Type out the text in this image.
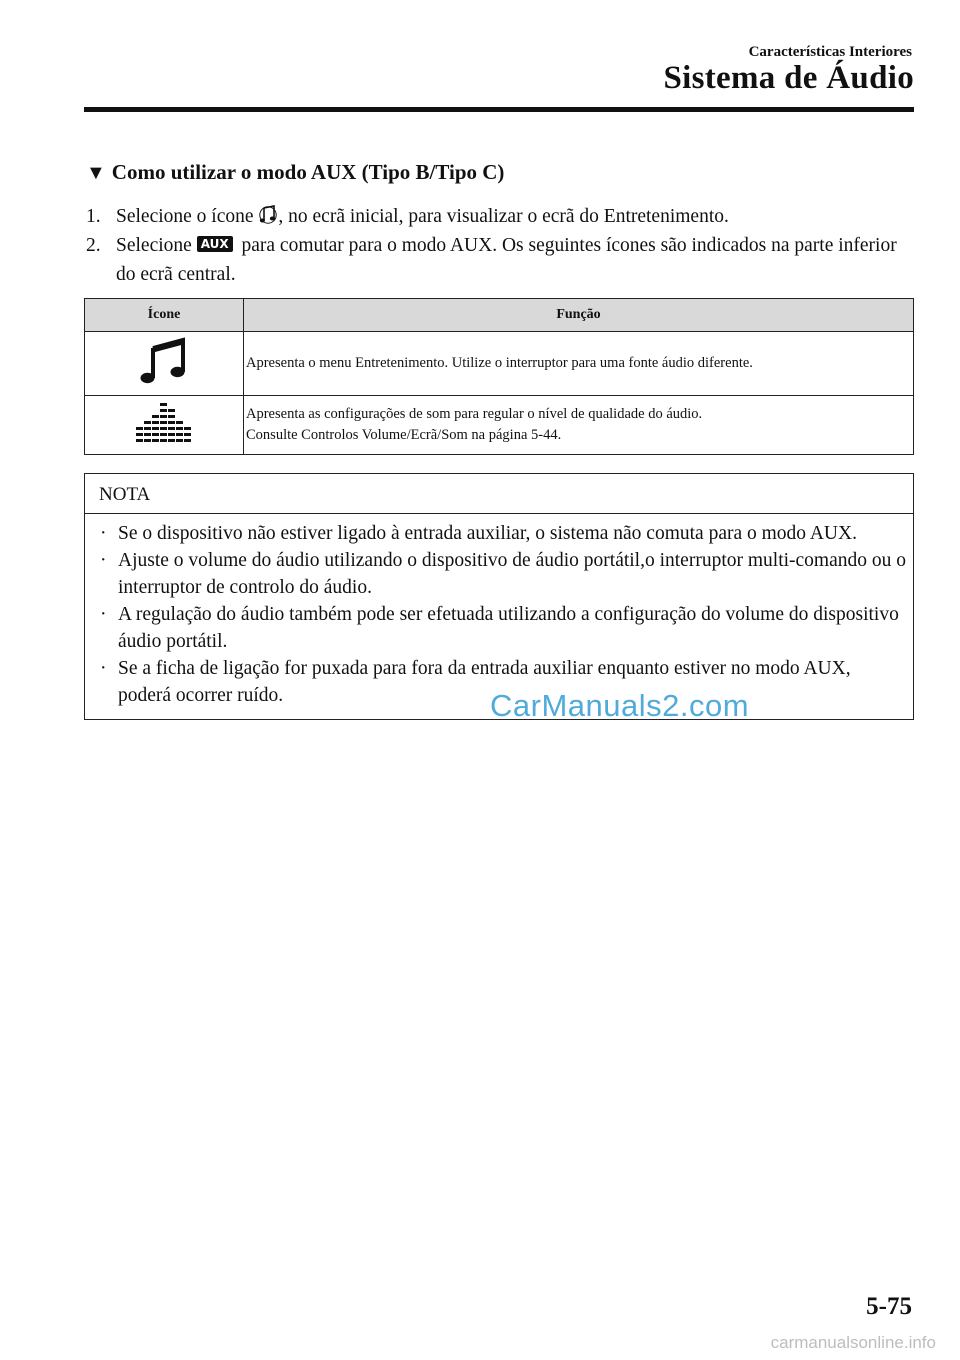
Características Interiores
Sistema de Áudio
▼ Como utilizar o modo AUX (Tipo B/Tipo C)
1. Selecione o ícone , no ecrã inicial, para visualizar o ecrã do Entretenimento.
2. Selecione AUX para comutar para o modo AUX. Os seguintes ícones são indicados na parte inferior do ecrã central.
Ícone	Função

Apresenta o menu Entretenimento. Utilize o interruptor para uma fonte áudio diferente.

Apresenta as configurações de som para regular o nível de qualidade do áudio.
Consulte Controlos Volume/Ecrã/Som na página 5-44.
NOTA
· Se o dispositivo não estiver ligado à entrada auxiliar, o sistema não comuta para o modo AUX.
· Ajuste o volume do áudio utilizando o dispositivo de áudio portátil,o interruptor multi-comando ou o interruptor de controlo do áudio.
· A regulação do áudio também pode ser efetuada utilizando a configuração do volume do dispositivo áudio portátil.
· Se a ficha de ligação for puxada para fora da entrada auxiliar enquanto estiver no modo AUX, poderá ocorrer ruído.	CarManuals2.com
5-75
carmanualsonline.info
